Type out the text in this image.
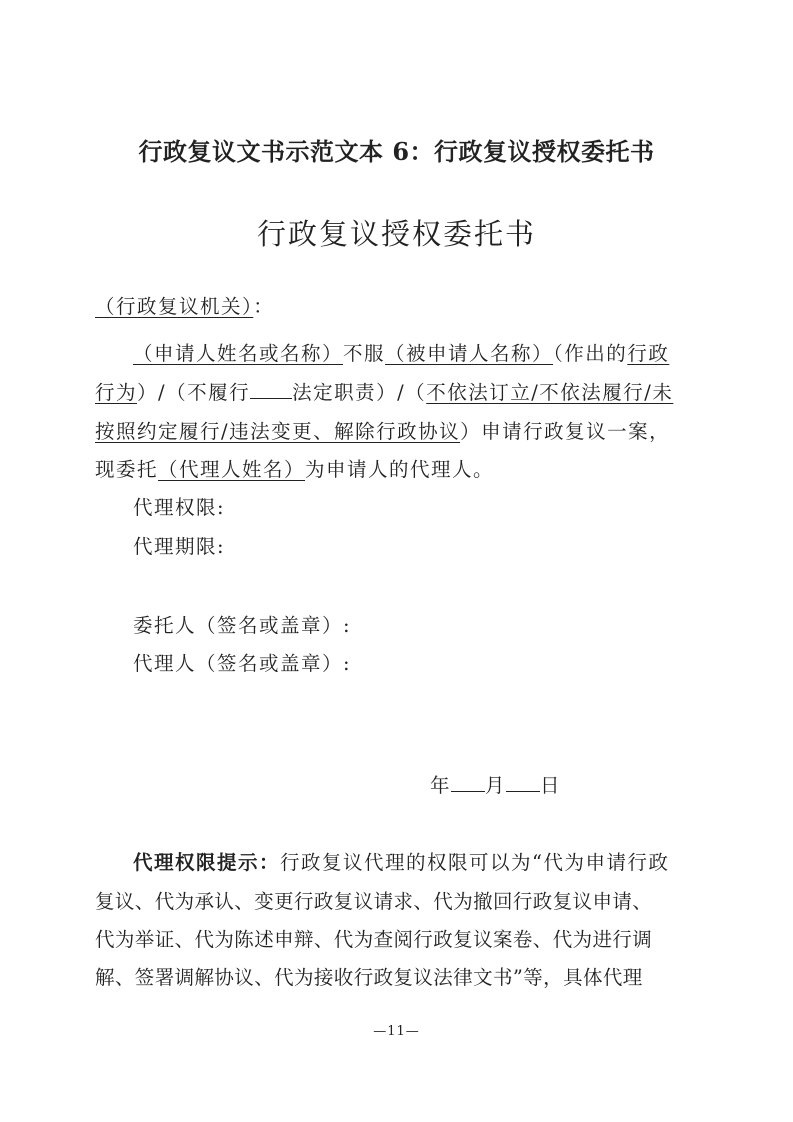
行政复议文书示范文本 6：行政复议授权委托书
行政复议授权委托书
（行政复议机关）：
（申请人姓名或名称）不服（被申请人名称）（作出的行政
行为）/（不履行 法定职责）/（不依法订立/不依法履行/未
按照约定履行/违法变更、解除行政协议）申请行政复议一案，
现委托（代理人姓名）为申请人的代理人。
代理权限:
代理期限:
委托人（签名或盖章）:
代理人（签名或盖章）:
年 月 日
代理权限提示：行政复议代理的权限可以为“代为申请行政
复议、代为承认、变更行政复议请求、代为撤回行政复议申请、
代为举证、代为陈述申辩、代为查阅行政复议案卷、代为进行调
解、签署调解协议、代为接收行政复议法律文书”等，具体代理
—11—
